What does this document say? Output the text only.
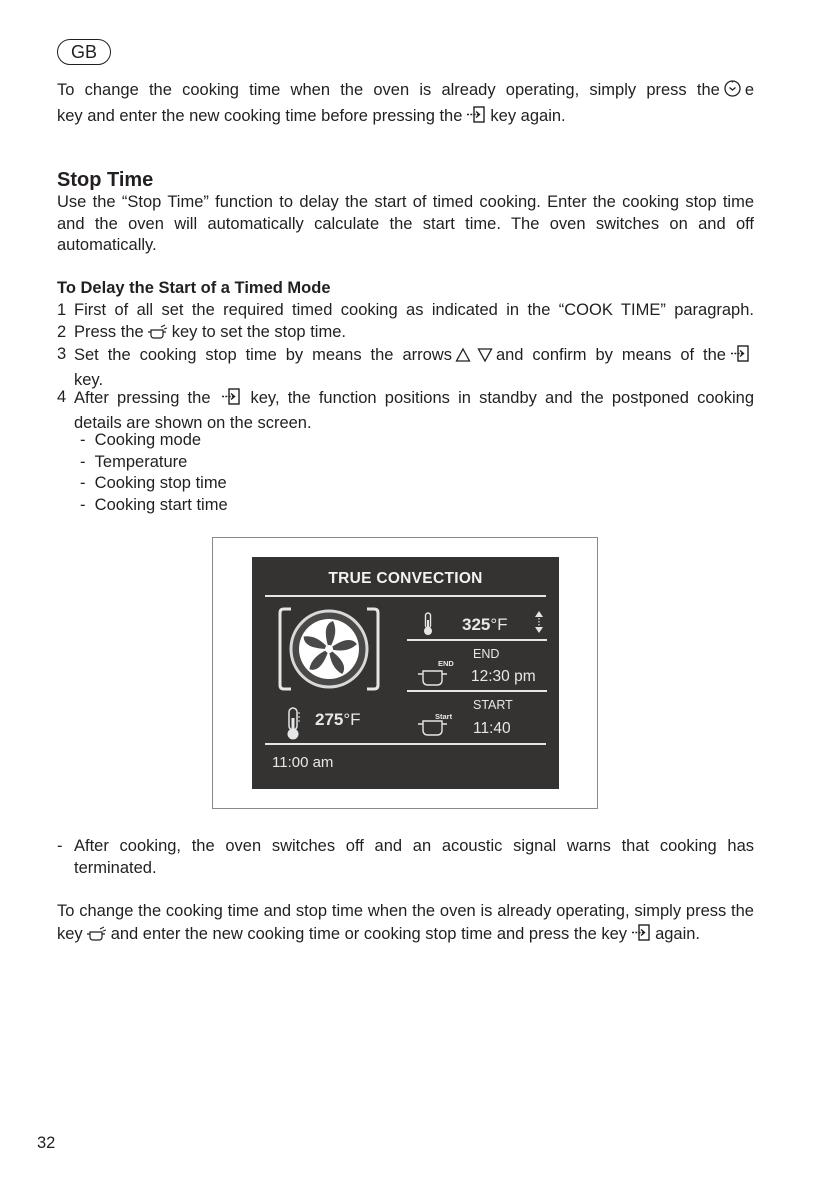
GB
To change the cooking time when the oven is already operating, simply press the e
key and enter the new cooking time before pressing the key again.
Stop Time
Use the “Stop Time” function to delay the start of timed cooking. Enter the cooking stop time and the oven will automatically calculate the start time. The oven switches on and off automatically.
To Delay the Start of a Timed Mode
1 First of all set the required timed cooking as indicated in the “COOK TIME” paragraph.
2 Press the key to set the stop time.
3 Set the cooking stop time by means the arrows	and confirm by means of the
key.
4 After pressing the key, the function positions in standby and the postponed cooking details are shown on the screen.
-  Cooking mode
-  Temperature
-  Cooking stop time
-  Cooking start time
TRUE CONVECTION
325°F
END
END
12:30 pm
START
Start
11:40
275°F
11:00 am
- After cooking, the oven switches off and an acoustic signal warns that cooking has terminated.
To change the cooking time and stop time when the oven is already operating, simply press the key and enter the new cooking time or cooking stop time and press the key again.
32
